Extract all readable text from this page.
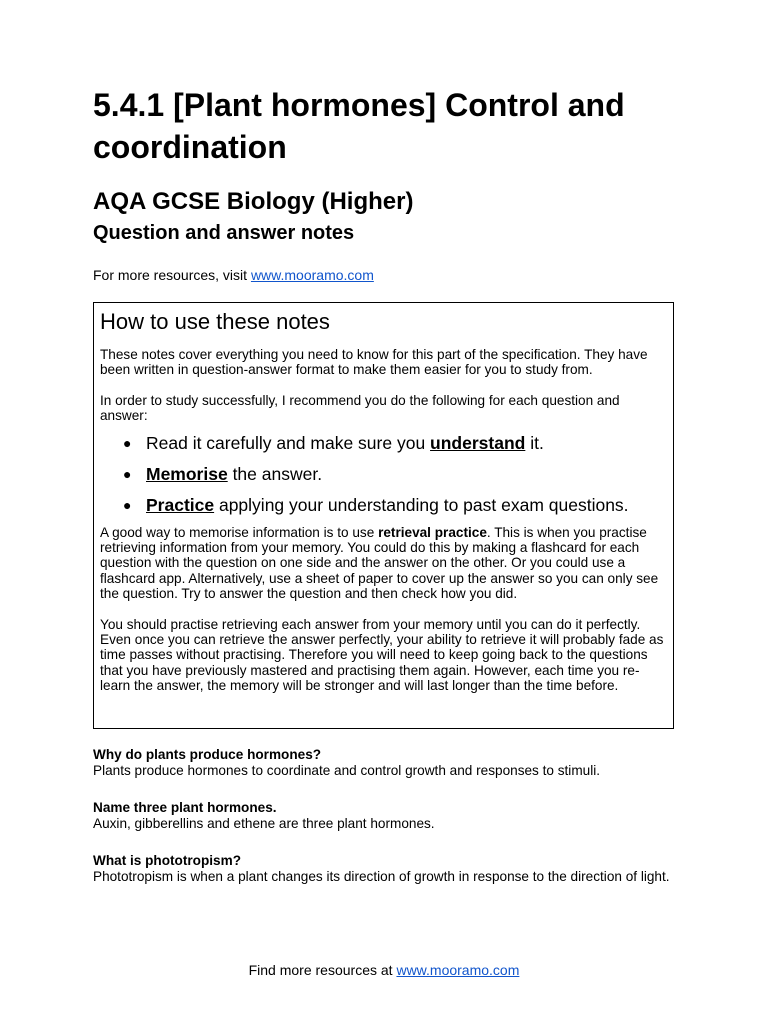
5.4.1 [Plant hormones] Control and coordination
AQA GCSE Biology (Higher)
Question and answer notes

For more resources, visit www.mooramo.com

How to use these notes

These notes cover everything you need to know for this part of the specification. They have been written in question-answer format to make them easier for you to study from.

In order to study successfully, I recommend you do the following for each question and answer:

● Read it carefully and make sure you understand it.
● Memorise the answer.
● Practice applying your understanding to past exam questions.

A good way to memorise information is to use retrieval practice. This is when you practise retrieving information from your memory. You could do this by making a flashcard for each question with the question on one side and the answer on the other. Or you could use a flashcard app. Alternatively, use a sheet of paper to cover up the answer so you can only see the question. Try to answer the question and then check how you did.

You should practise retrieving each answer from your memory until you can do it perfectly. Even once you can retrieve the answer perfectly, your ability to retrieve it will probably fade as time passes without practising. Therefore you will need to keep going back to the questions that you have previously mastered and practising them again. However, each time you re-learn the answer, the memory will be stronger and will last longer than the time before.

Why do plants produce hormones?

Plants produce hormones to coordinate and control growth and responses to stimuli.

Name three plant hormones.

Auxin, gibberellins and ethene are three plant hormones.

What is phototropism?

Phototropism is when a plant changes its direction of growth in response to the direction of light.

Find more resources at www.mooramo.com
